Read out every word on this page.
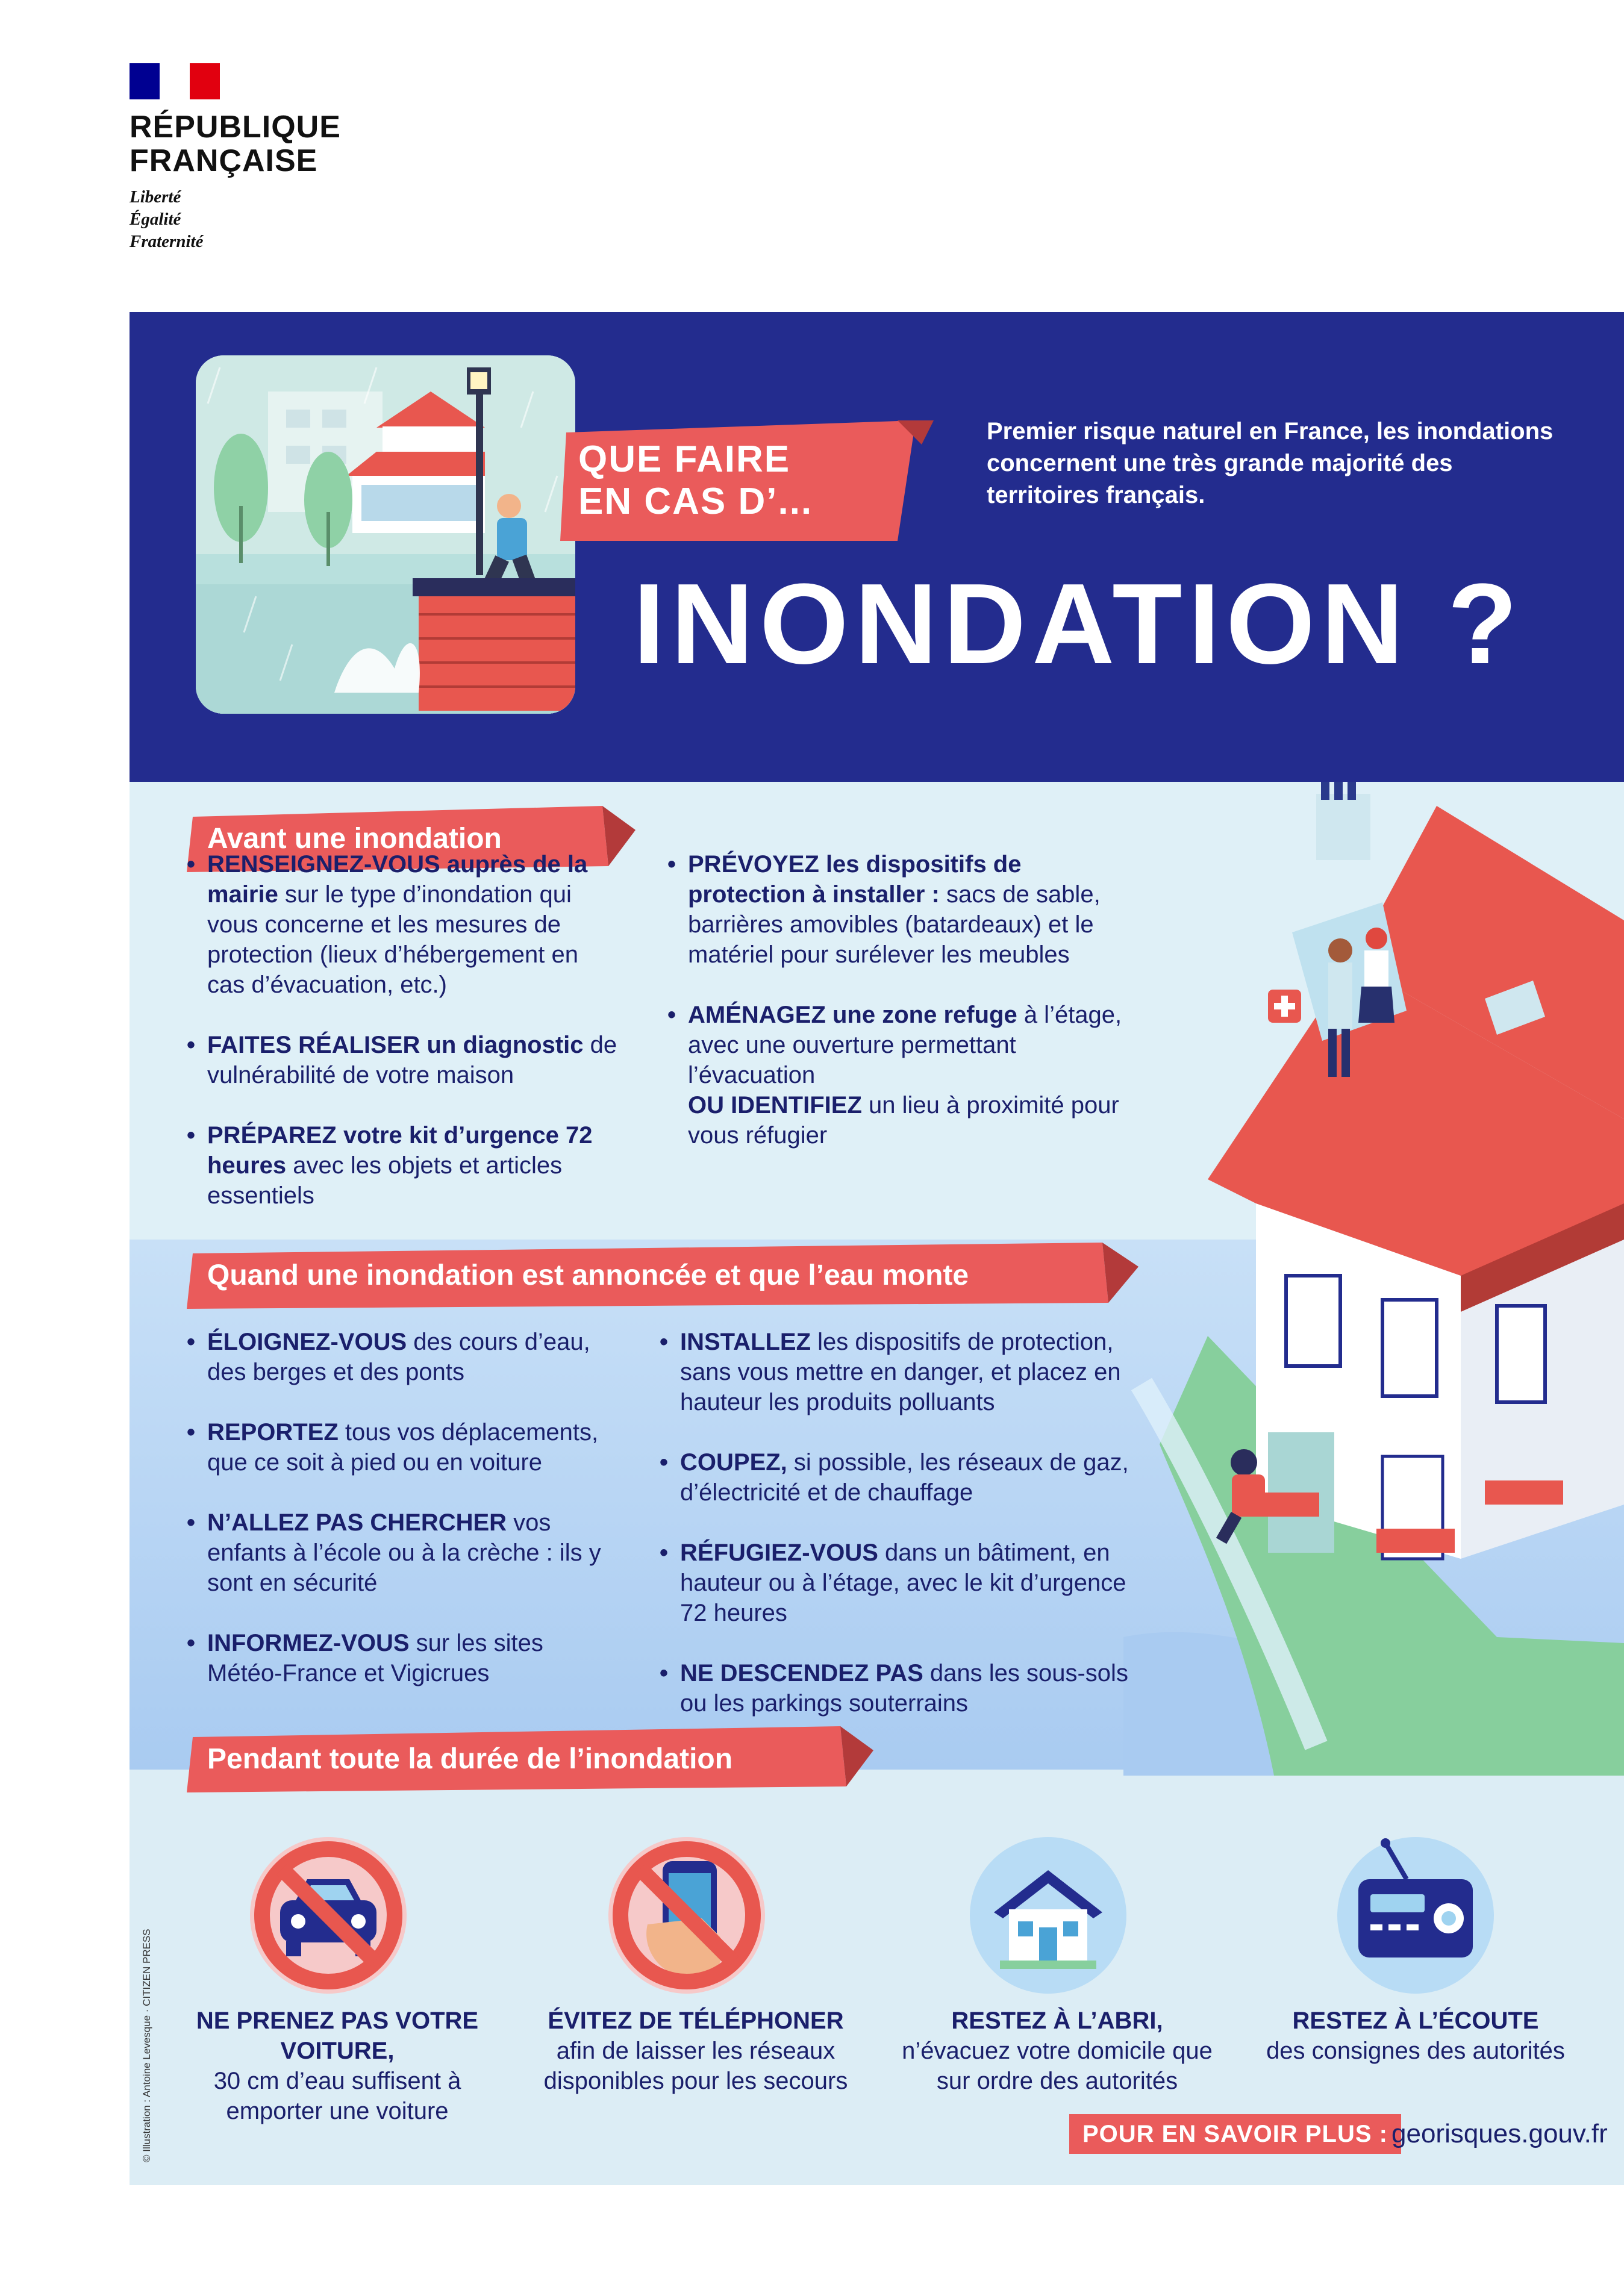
RÉPUBLIQUE
FRANÇAISE
Liberté
Égalité
Fraternité
QUE FAIRE
EN CAS D’...
Premier risque naturel en France, les inondations concernent une très grande majorité des territoires français.
INONDATION ?
Avant une inondation
• RENSEIGNEZ-VOUS auprès de la mairie sur le type d’inondation qui vous concerne et les mesures de protection (lieux d’hébergement en cas d’évacuation, etc.)
• FAITES RÉALISER un diagnostic de vulnérabilité de votre maison
• PRÉPAREZ votre kit d’urgence 72 heures avec les objets et articles essentiels
• PRÉVOYEZ les dispositifs de protection à installer : sacs de sable, barrières amovibles (batardeaux) et le matériel pour surélever les meubles
• AMÉNAGEZ une zone refuge à l’étage, avec une ouverture permettant l’évacuation
OU IDENTIFIEZ un lieu à proximité pour vous réfugier
Quand une inondation est annoncée et que l’eau monte
• ÉLOIGNEZ-VOUS des cours d’eau, des berges et des ponts
• REPORTEZ tous vos déplacements, que ce soit à pied ou en voiture
• N’ALLEZ PAS CHERCHER vos enfants à l’école ou à la crèche : ils y sont en sécurité
• INFORMEZ-VOUS sur les sites Météo-France et Vigicrues
• INSTALLEZ les dispositifs de protection, sans vous mettre en danger, et placez en hauteur les produits polluants
• COUPEZ, si possible, les réseaux de gaz, d’électricité et de chauffage
• RÉFUGIEZ-VOUS dans un bâtiment, en hauteur ou à l’étage, avec le kit d’urgence 72 heures
• NE DESCENDEZ PAS dans les sous-sols ou les parkings souterrains
Pendant toute la durée de l’inondation
NE PRENEZ PAS VOTRE VOITURE,
30 cm d’eau suffisent à emporter une voiture
ÉVITEZ DE TÉLÉPHONER
afin de laisser les réseaux disponibles pour les secours
RESTEZ À L’ABRI,
n’évacuez votre domicile que sur ordre des autorités
RESTEZ À L’ÉCOUTE
des consignes des autorités
POUR EN SAVOIR PLUS : georisques.gouv.fr
© Illustration : Antoine Levesque · CITIZEN PRESS
